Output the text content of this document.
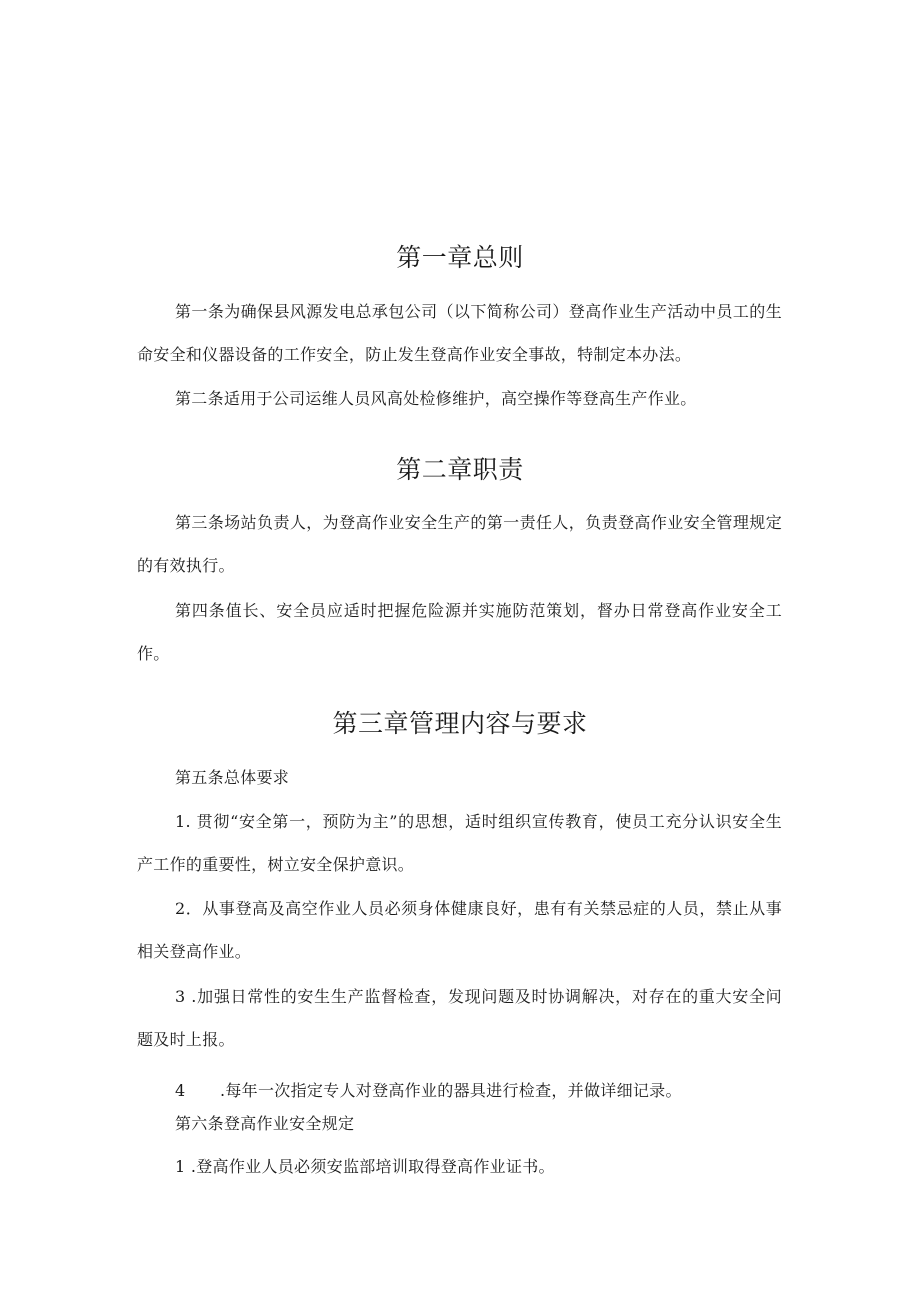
第一章总则

第一条为确保县风源发电总承包公司（以下简称公司）登高作业生产活动中员工的生命安全和仪器设备的工作安全，防止发生登高作业安全事故，特制定本办法。

第二条适用于公司运维人员风高处检修维护，高空操作等登高生产作业。

第二章职责

第三条场站负责人，为登高作业安全生产的第一责任人，负责登高作业安全管理规定的有效执行。

第四条值长、安全员应适时把握危险源并实施防范策划，督办日常登高作业安全工作。

第三章管理内容与要求
第五条总体要求

1. 贯彻“安全第一，预防为主”的思想，适时组织宣传教育，使员工充分认识安全生产工作的重要性，树立安全保护意识。

2．从事登高及高空作业人员必须身体健康良好，患有有关禁忌症的人员，禁止从事相关登高作业。

3 .加强日常性的安生生产监督检查，发现问题及时协调解决，对存在的重大安全问题及时上报。

4 .每年一次指定专人对登高作业的器具进行检查，并做详细记录。
第六条登高作业安全规定
1 .登高作业人员必须安监部培训取得登高作业证书。
